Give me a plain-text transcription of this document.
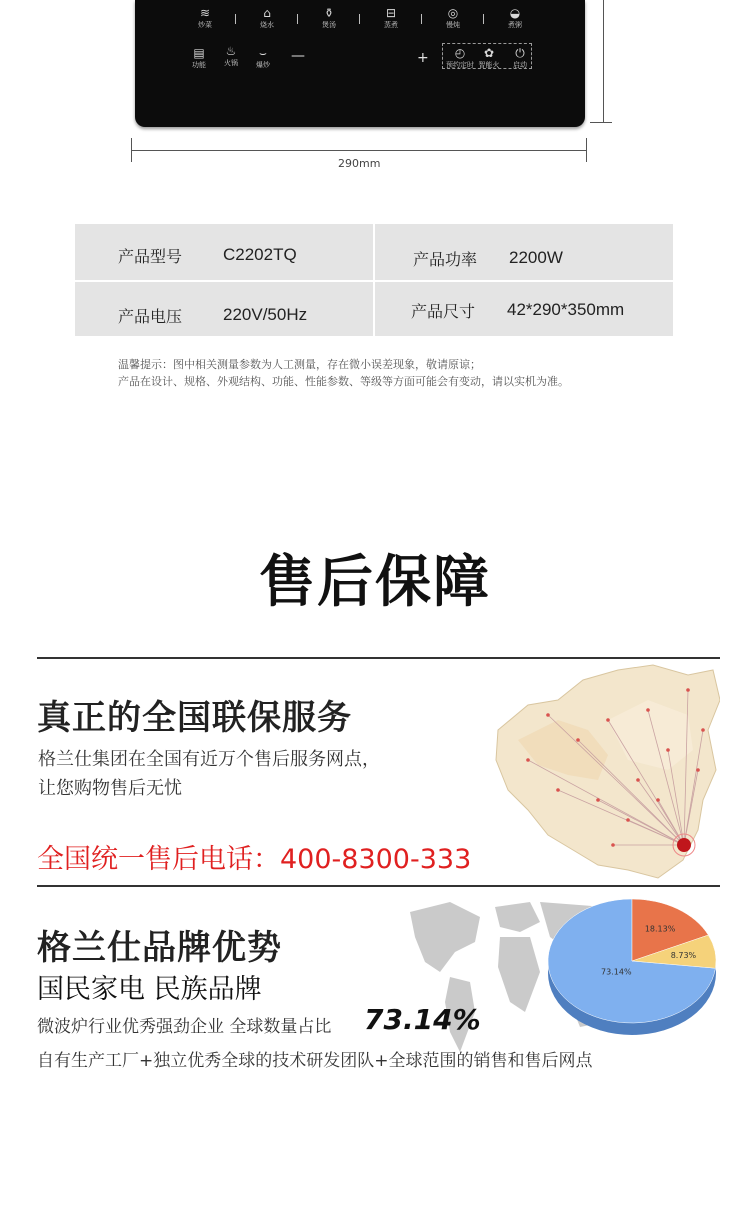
≋
炒菜
⌂
烧水
⚱
煲汤
⊟
蒸煮
◎
慢炖
◒
煮粥
▤
功能
♨
火锅
⌣
爆炒
—	+	◴
预约定时
✿
智能火
⏻
启动
290mm
产品型号 C2202TQ	产品功率 2200W
产品电压 220V/50Hz	产品尺寸 42*290*350mm
温馨提示：图中相关测量参数为人工测量，存在微小误差现象，敬请原谅；
产品在设计、规格、外观结构、功能、性能参数、等级等方面可能会有变动，请以实机为准。
售后保障
真正的全国联保服务
格兰仕集团在全国有近万个售后服务网点，
让您购物售后无忧
全国统一售后电话：400-8300-333
73.14%
18.13%
8.73%
格兰仕品牌优势
国民家电 民族品牌
微波炉行业优秀强劲企业 全球数量占比 73.14%
自有生产工厂+独立优秀全球的技术研发团队+全球范围的销售和售后网点
